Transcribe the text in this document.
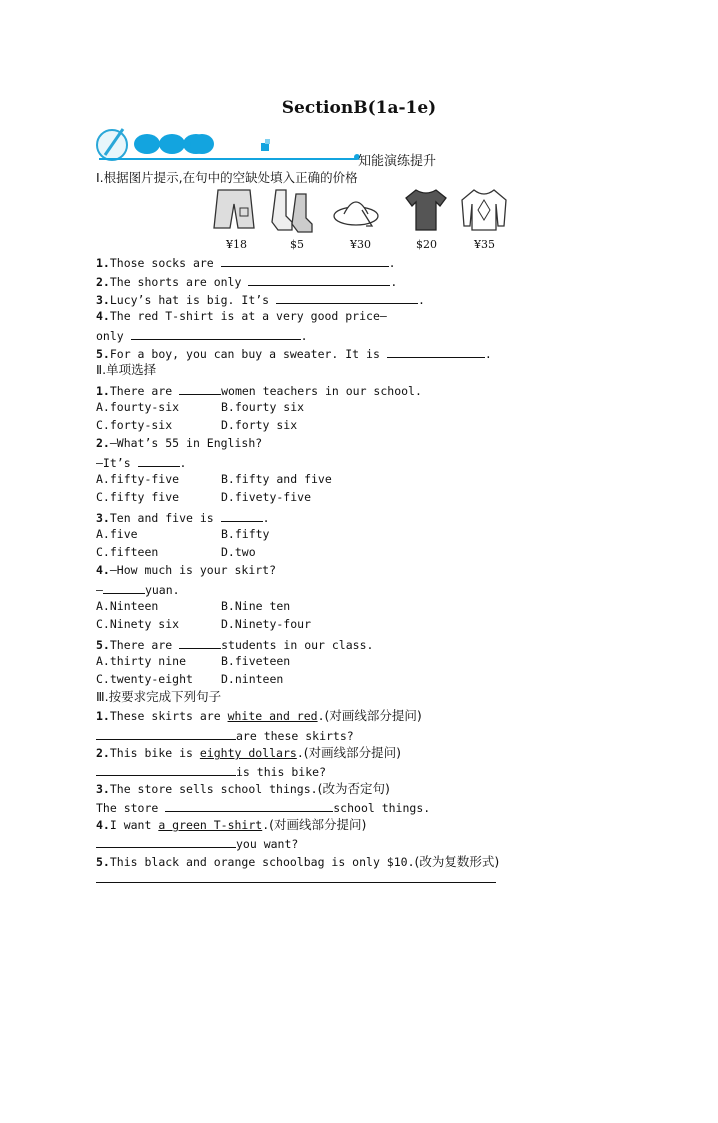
SectionB(1a-1e)
知能演练提升
Ⅰ.根据图片提示,在句中的空缺处填入正确的价格
¥18	$5	¥30	$20	¥35
1.Those socks are	.
2.The shorts are only	.
3.Lucy’s hat is big. It’s	.
4.The red T-shirt is at a very good price—
only	.
5.For a boy, you can buy a sweater. It is	.
Ⅱ.单项选择
1.There are	women teachers in our school.
A.fourty-six	B.fourty six
C.forty-six	D.forty six
2.—What’s 55 in English?
—It’s	.
A.fifty-five	B.fifty and five
C.fifty five	D.fivety-five
3.Ten and five is	.
A.five	B.fifty
C.fifteen	D.two
4.—How much is your skirt?
—	yuan.
A.Ninteen	B.Nine ten
C.Ninety six	D.Ninety-four
5.There are	students in our class.
A.thirty nine	B.fiveteen
C.twenty-eight D.ninteen
Ⅲ.按要求完成下列句子
1.These skirts are white and red.(对画线部分提问)
are these skirts?
2.This bike is eighty dollars.(对画线部分提问)
is this bike?
3.The store sells school things.(改为否定句)
The store	school things.
4.I want a green T-shirt.(对画线部分提问)
you want?
5.This black and orange schoolbag is only $10.(改为复数形式)
